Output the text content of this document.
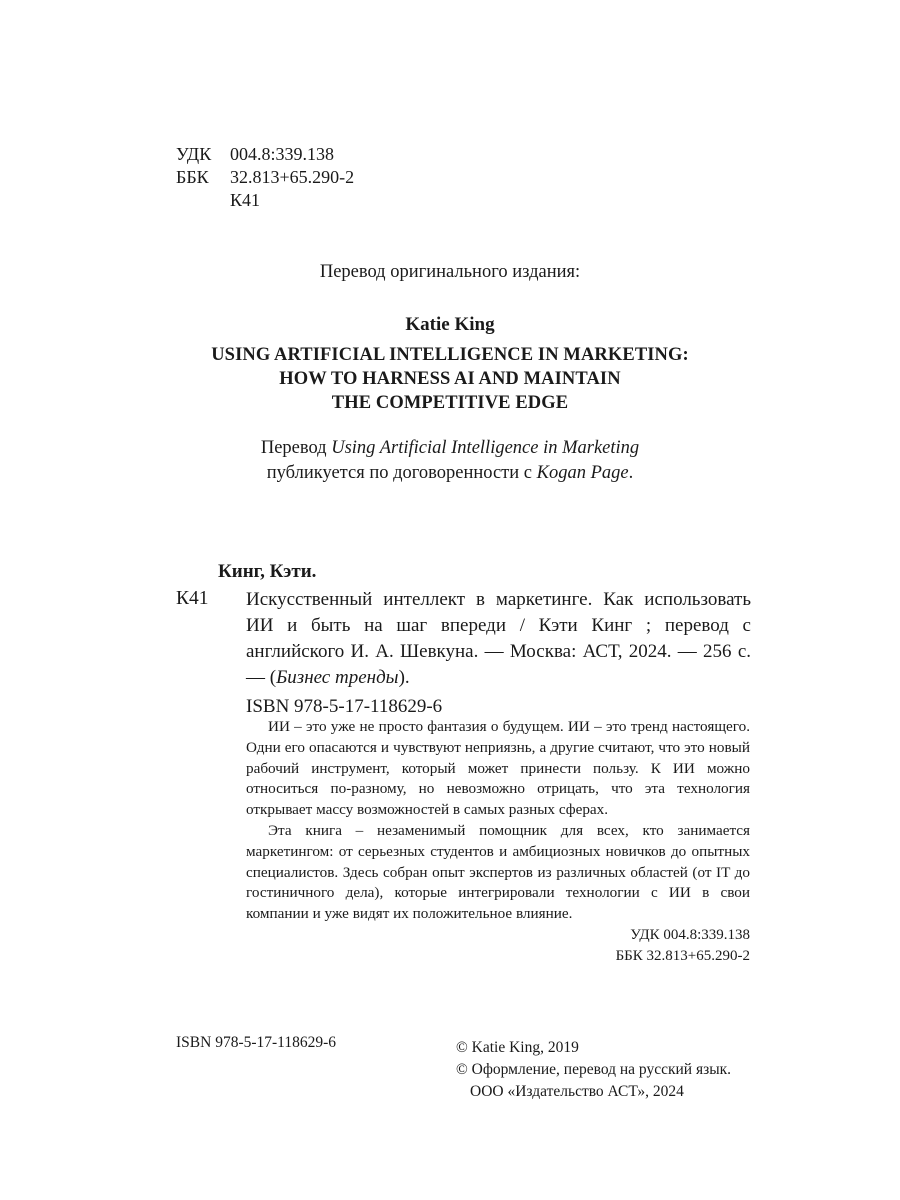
УДК 004.8:339.138
ББК 32.813+65.290-2
К41
Перевод оригинального издания:
Katie King
USING ARTIFICIAL INTELLIGENCE IN MARKETING:
HOW TO HARNESS AI AND MAINTAIN
THE COMPETITIVE EDGE
Перевод Using Artificial Intelligence in Marketing
публикуется по договоренности с Kogan Page.
Кинг, Кэти.
К41	Искусственный интеллект в маркетинге. Как использовать ИИ и быть на шаг впереди / Кэти Кинг ; перевод с английского И. А. Шевкуна. — Москва: АСТ, 2024. — 256 с. — (Бизнес тренды).
ISBN 978-5-17-118629-6

ИИ – это уже не просто фантазия о будущем. ИИ – это тренд настоящего. Одни его опасаются и чувствуют неприязнь, а другие считают, что это новый рабочий инструмент, который может принести пользу. К ИИ можно относиться по-разному, но невозможно отрицать, что эта технология открывает массу возможностей в самых разных сферах.

Эта книга – незаменимый помощник для всех, кто занимается маркетингом: от серьезных студентов и амбициозных новичков до опытных специалистов. Здесь собран опыт экспертов из различных областей (от IT до гостиничного дела), которые интегрировали технологии с ИИ в свои компании и уже видят их положительное влияние.

УДК 004.8:339.138
ББК 32.813+65.290-2
ISBN 978-5-17-118629-6	© Katie King, 2019
© Оформление, перевод на русский язык.
ООО «Издательство АСТ», 2024
